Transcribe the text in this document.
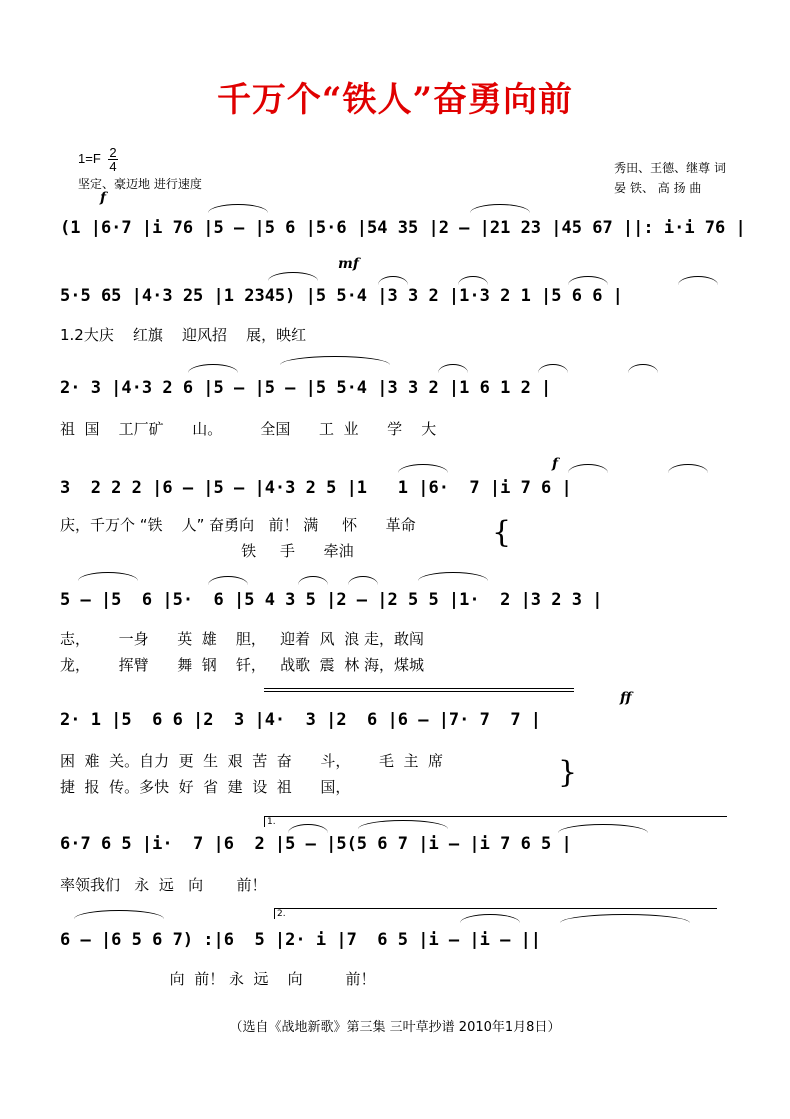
千万个“铁人”奋勇向前
$1=F \frac{2}{4}$
坚定、豪迈地 进行速度
秀田、王德、继尊 词
晏 铁、 高 扬 曲
f
(1 |6·7 |i 76 |5 — |5 6 |5·6 |54 35 |2 — |21 23 |45 67 ||: i·i 76 |
mf
5·5 65 |4·3 25 |1 2345) |5 5·4 |3 3 2 |1·3 2 1 |5 6 6 |
1.2大庆    红旗    迎风招    展，映红
2· 3 |4·3 2 6 |5 — |5 — |5 5·4 |3 3 2 |1 6 1 2 |
祖  国    工厂矿      山。        全国      工  业      学    大
f
3  2 2 2 |6 — |5 — |4·3 2 5 |1   1 |6·  7 |i 7 6 |
庆，千万个 “铁    人” 奋勇向   前！ 满     怀      革命	{
铁     手      牵油
5 — |5  6 |5·  6 |5 4 3 5 |2 — |2 5 5 |1·  2 |3 2 3 |
志，      一身      英  雄    胆，   迎着  风  浪 走，敢闯
龙，      挥臂      舞  钢    钎，   战歌  震  林 海，煤城
ff
2· 1 |5  6 6 |2  3 |4·  3 |2  6 |6 — |7· 7  7 |
困  难  关。自力  更  生  艰  苦  奋      斗，      毛  主  席
捷  报  传。多快  好  省  建  设  祖      国，	}
1.
6·7 6 5 |i·  7 |6  2 |5 — |5(5 6 7 |i — |i 7 6 5 |
率领我们   永  远   向       前！
2.
6 — |6 5 6 7) :|6  5 |2· i |7  6 5 |i — |i — ||
向  前！ 永  远    向         前！
（选自《战地新歌》第三集 三叶草抄谱 2010年1月8日）
